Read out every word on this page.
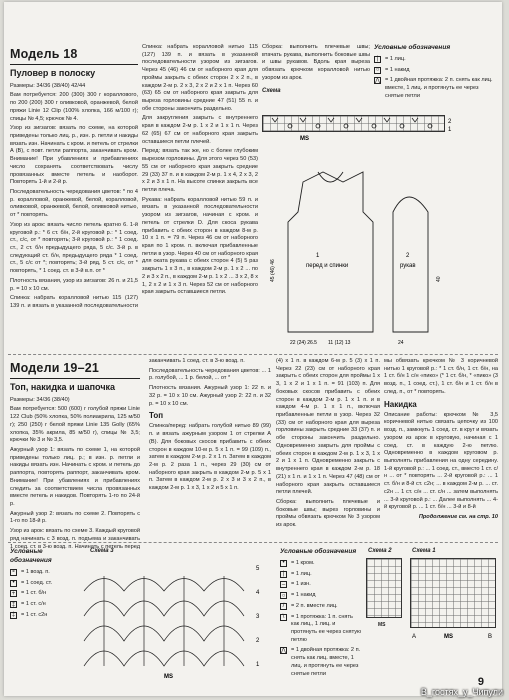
Модель 18
Пуловер в полоску

Размеры: 34/36 (38/40) 42/44

Вам потребуется: 200 (300) 300 г кораллового, по 200 (200) 300 г оливковой, оранжевой, белой пряжи Linie 12 Clip (100% хлопка, 166 м/100 г); спицы № 4,5; крючок № 4.

Узор из зигзагов: вязать по схеме, на которой приведены только лиц. р., изн. р. петли и накиды вязать изн. Начинать с кром. и петель от стрелки А (В), с повт. петли раппорта, заканчивать кром. Внимание! При убавлениях и прибавлениях число сохранять соответствовать числу провязанных вместе петель и наоборот. Повторять 1-й и 2-й р.

Последовательность чередования цветов: * по 4 р. коралловой, оранжевой, белой, коралловой, оливковой, оранжевой, белой, оливковой нитью, от * повторять.

Узор из арок: вязать число петель кратно 6. 1-й круговой р.: * 6 ст. б/н, 2-й круговой р.: * 1 соед. ст., с/с, от * повторять; 3-й круговой р.: * 1 соед. ст., 2 ст. б/н предыдущего ряда, 5 с/с. 3-й р. в следующий ст. б/н, предыдущего ряда * 1 соед. ст., 5 с/с от *; повторять; 3-й ряд, 5 ст. с/с, от * повторять, * 1 соед. ст. в 3-й в.п. от *

Плотность вязания, узор из зигзагов: 26 п. и 21,5 р. = 10 х 10 см.

Спинка: набрать коралловой нитью 115 (127) 139 п. и вязать в указанной последовательности

Спинка: набрать коралловой нитью 115 (127) 139 п. и вязать в указанной последовательности узором из зигзагов. Через 45 (46) 46 см от наборного края для проймы закрыть с обеих сторон 2 х 2 п., в каждом 2-м р. 2 х 3, 2 х 2 и 2 х 1 п. Через 60 (63) 65 см от наборного края закрыть для выреза горловины средние 47 (51) 55 п. и обе стороны закончить раздельно.

Для закругления закрыть с внутреннего края в каждом 2-м р. 1 х 2 и 1 х 1 п. Через 62 (65) 67 см от наборного края закрыть оставшиеся петли плечей.

Перед: вязать так же, но с более глубоким вырезом горловины. Для этого через 50 (53) 55 см от наборного края закрыть средние 29 (33) 37 п. и в каждом 2-м р. 1 х 4, 2 х 3, 2 х 2 и 3 х 1 п. На высоте спинки закрыть все петли плеча.

Рукава: набрать коралловой нитью 59 п. и вязать в указанной последовательности узором из зигзагов, начиная с кром. и петель от стрелки D. Для скоса рукава прибавить с обеих сторон в каждом 8-м р. 10 х 1 п. = 79 п. Через 46 см от наборного края по 1 кром. п. включая прибавленные петли в узор. Через 40 см от наборного края для оката рукава с обеих сторон 4 (5) 5 раз закрыть 1 х 3 п., в каждом 2-м р. 1 х 2 ... по 2 и 3 х 2 п., в каждом 2-м р. 1 х 2 ... 3 х 2, 8 х 1, 2 х 2 и 1 х 3 п. Через 52 см от наборного края закрыть оставшиеся петли.

Сборка: выполнить плечевые швы; втачать рукава, выполнить боковые швы и швы рукавов. Вдоль края выреза обвязать крючком коралловой нитью узором из арок.

Схема
Условные обозначения
|	= 1 лиц.
○	= 1 накид
⋀ = 1 двойная протяжка: 2 п. снять как лиц. вместе, 1 лиц. и протянуть ее через снятые петли
2
1
MS
1
перед и спинки
2
рукав
22 (24) 26.5 11 (12) 13
45 (46) 46
24
40
Модели 19–21
Топ, накидка и шапочка

Размеры: 34/36 (38/40)

Вам потребуется: 500 (600) г голубой пряжи Linie 122 Club (50% хлопка, 50% полиакрила, 125 м/50 г); 250 (250) г белой пряжи Linie 135 Golly (65% хлопка, 35% акрила, 85 м/50 г), спицы № 3,5; крючки № 3 и № 3,5.

Ажурный узор 1: вязать по схеме 1, на которой приведены только лиц. р.; в изн. р. петли и накиды вязать изн. Начинать с кром. и петель до раппорта, повторять раппорт, заканчивать кром. Внимание! При убавлениях и прибавлениях следить за соответствием числа провязанных вместе петель и накидов. Повторять 1-го по 24-й р.

Ажурный узор 2: вязать по схеме 2. Повторять с 1-го по 18-й р.

Узор из арок: вязать по схеме 3. Каждый круговой ряд начинать с 3 возд. п. подъема и заканчивать 1 соед. ст. в 3-ю возд. п. Начинать с петель перед

заканчивать 1 соед. ст. в 3-ю возд. п.

Последовательность чередования цветов: ... 1 р. голубой, ... 1 р. белой, ... от *

Плотность вязания. Ажурный узор 1: 22 п. и 32 р. = 10 х 10 см. Ажурный узор 2: 22 п. и 32 р. = 10 х 10 см.

Топ

Спинка/перед: набрать голубой нитью 89 (99) п. и вязать ажурным узором 1 от стрелки А (В). Для боковых скосов прибавить с обеих сторон в каждом 10-м р. 5 х 1 п. = 99 (109) п., затем в каждом 2-м р. 2 х 1 п. Затем в каждом 2-м р. 2 раза 1 п., через 29 (30) см от наборного края закрыть в каждом 2-м р. 5 х 1 п. Затем в каждом 2-м р. 2 х 3 и 3 х 2 п., в каждом 2-м р. 1 х 3, 1 х 2 и 5 х 1 п.

(4) х 1 п. в каждом 6-м р. 5 (3) х 1 п. Через 22 (23) см от наборного края закрыть с обеих сторон для проймы 1 х 3, 1 х 2 и 1 х 1 п. = 91 (103) п. Для боковых скосов прибавить с обеих сторон в каждом 2-м р. 1 х 1 п. и в каждом 4-м р. 1 х 1 п., включая прибавленные петли в узор. Через 32 (33) см от наборного края для выреза горловины закрыть средние 33 (37) п. и обе стороны закончить раздельно. Одновременно закрыть для проймы с обеих сторон в каждом 2-м р. 1 х 3, 1 х 2 и 1 х 1 п. Одновременно закрыть с внутреннего края в каждом 2-м р. 18 (21) х 1 п. и 1 х 1 п. Через 47 (48) см от наборного края закрыть оставшиеся петли плечей.

Сборка: выполнить плечевые и боковые швы; вырез горловины и проймы обвязать крючком № 3 узором из арок.

мы обвязать крючком № 3 коричневой нитью 1 круговой р.: * 1 ст. б/н, 1 ст. б/н, на 1 ст. б/н 1 с/н «пико» (* 1 ст. б/н, * «пико» (3 возд. п., 1 соед. ст.), 1 ст. б/н и 1 ст. б/н в след. п., от * повторять.

Накидка

Описание работы: крючком № 3,5 коричневой нитью связать цепочку из 100 возд. п., замкнуть 1 соед. ст. в круг и вязать узором из арок в круговую, начиная с 1 соед. ст. в каждую 2-ю петлю. Одновременно в каждом круговом р. выполнять прибавления на одну середину. 1-й круговой р.: ... 1 соед. ст., вместо 1 ст. с/н ... от * повторять ... 2-й круговой р.: ... 1 ст. б/н и 8-й ст. с2н; ... в каждом 2-м р. ... ст. с2н ... 1 ст. с/н ... ст. с/н ... затем выполнять ... 3-й круговой р.: ... Далее выполнять ... 4-й круговой р. ... 1 ст. б/н ... 3-й и 8-й

Продолжение см. на стр. 10

Условные обозначения
∘ = 1 возд. п.
•	= 1 соед. ст.
+	= 1 ст. б/н
‡	= 1 ст. с/н
‡	= 1 ст. с2н
Схема 3
5
4
3
2
1
MS
Условные обозначения
•	= 1 кром.
|	= 1 лиц.
–	= 1 изн.
○	= 1 накид
/	= 2 п. вместе лиц.
\	= 1 протяжка: 1 п. снять как лиц., 1 лиц. и протянуть ее через снятую петлю
⋀ = 1 двойная протяжка: 2 п. снять как лиц. вместе, 1 лиц. и протянуть ее через снятые петли
Схема 2
MS
Схема 1
A	MS	B
9
В_гостях_у_Чипули
